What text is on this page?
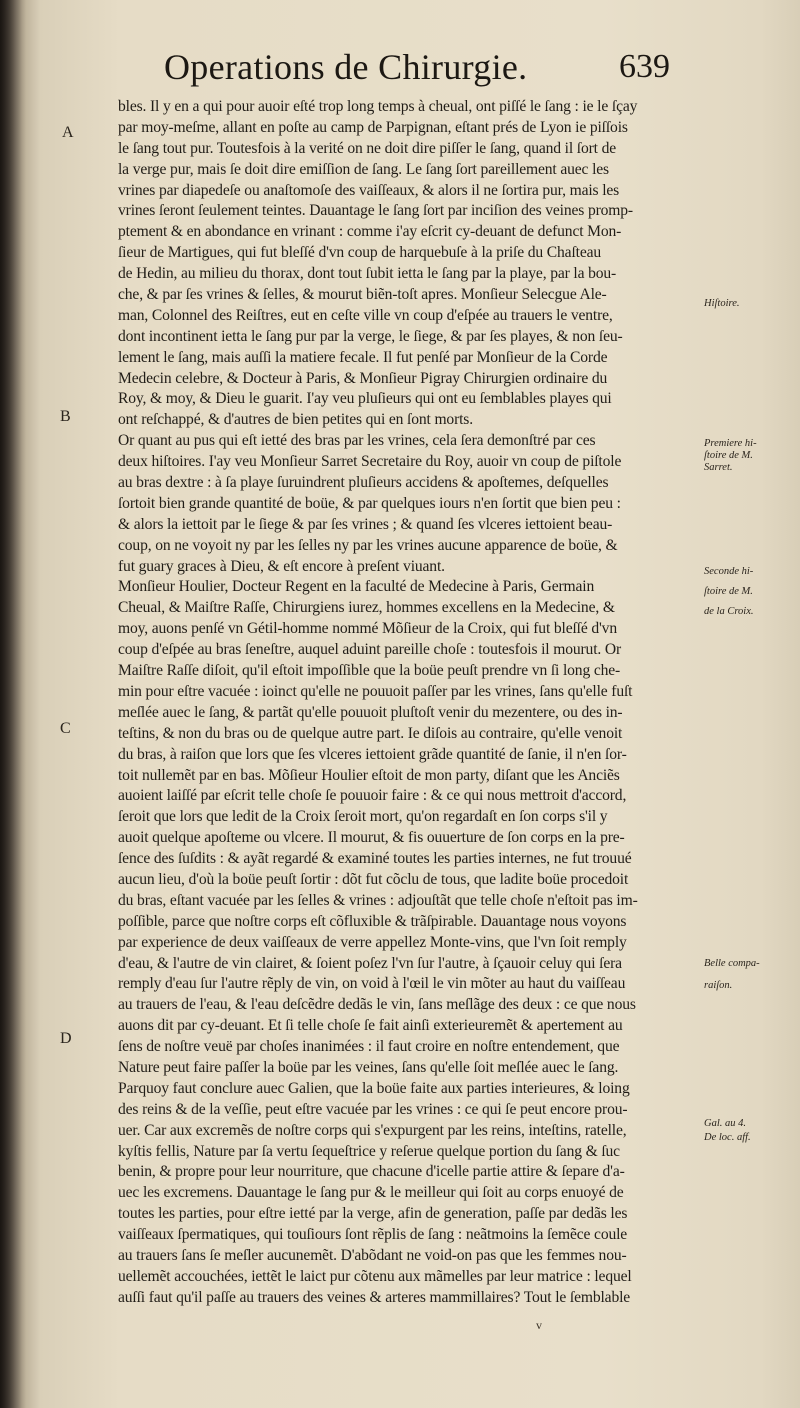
Operations de Chirurgie.	639
A
B
C
D
bles. Il y en a qui pour auoir eſté trop long temps à cheual, ont piſſé le ſang : ie le ſçay
par moy-meſme, allant en poſte au camp de Parpignan, eſtant prés de Lyon ie piſſois
le ſang tout pur. Toutesfois à la verité on ne doit dire piſſer le ſang, quand il ſort de
la verge pur, mais ſe doit dire emiſſion de ſang. Le ſang ſort pareillement auec les
vrines par diapedeſe ou anaſtomoſe des vaiſſeaux, & alors il ne ſortira pur, mais les
vrines ſeront ſeulement teintes. Dauantage le ſang ſort par inciſion des veines promp-
ptement & en abondance en vrinant : comme i'ay eſcrit cy-deuant de defunct Mon-
ſieur de Martigues, qui fut bleſſé d'vn coup de harquebuſe à la priſe du Chaſteau
de Hedin, au milieu du thorax, dont tout ſubit ietta le ſang par la playe, par la bou-
che, & par ſes vrines & ſelles, & mourut biẽn-toſt apres. Monſieur Selecgue Ale-
man, Colonnel des Reiſtres, eut en ceſte ville vn coup d'eſpée au trauers le ventre,
dont incontinent ietta le ſang pur par la verge, le ſiege, & par ſes playes, & non ſeu-
lement le ſang, mais auſſi la matiere fecale. Il fut penſé par Monſieur de la Corde
Medecin celebre, & Docteur à Paris, & Monſieur Pigray Chirurgien ordinaire du
Roy, & moy, & Dieu le guarit. I'ay veu pluſieurs qui ont eu ſemblables playes qui
ont reſchappé, & d'autres de bien petites qui en ſont morts.
Or quant au pus qui eſt ietté des bras par les vrines, cela ſera demonſtré par ces
deux hiſtoires. I'ay veu Monſieur Sarret Secretaire du Roy, auoir vn coup de piſtole
au bras dextre : à ſa playe ſuruindrent pluſieurs accidens & apoſtemes, deſquelles
ſortoit bien grande quantité de boüe, & par quelques iours n'en ſortit que bien peu :
& alors la iettoit par le ſiege & par ſes vrines ; & quand ſes vlceres iettoient beau-
coup, on ne voyoit ny par les ſelles ny par les vrines aucune apparence de boüe, &
fut guary graces à Dieu, & eſt encore à preſent viuant.
Monſieur Houlier, Docteur Regent en la faculté de Medecine à Paris, Germain
Cheual, & Maiſtre Raſſe, Chirurgiens iurez, hommes excellens en la Medecine, &
moy, auons penſé vn Gétil-homme nommé Mõſieur de la Croix, qui fut bleſſé d'vn
coup d'eſpée au bras ſeneſtre, auquel aduint pareille choſe : toutesfois il mourut. Or
Maiſtre Raſſe diſoit, qu'il eſtoit impoſſible que la boüe peuſt prendre vn ſi long che-
min pour eſtre vacuée : ioinct qu'elle ne pouuoit paſſer par les vrines, ſans qu'elle fuſt
meſlée auec le ſang, & partãt qu'elle pouuoit pluſtoſt venir du mezentere, ou des in-
teſtins, & non du bras ou de quelque autre part. Ie diſois au contraire, qu'elle venoit
du bras, à raiſon que lors que ſes vlceres iettoient grãde quantité de ſanie, il n'en ſor-
toit nullemẽt par en bas. Mõſieur Houlier eſtoit de mon party, diſant que les Anciẽs
auoient laiſſé par eſcrit telle choſe ſe pouuoir faire : & ce qui nous mettroit d'accord,
ſeroit que lors que ledit de la Croix ſeroit mort, qu'on regardaſt en ſon corps s'il y
auoit quelque apoſteme ou vlcere. Il mourut, & fis ouuerture de ſon corps en la pre-
ſence des ſuſdits : & ayãt regardé & examiné toutes les parties internes, ne fut trouué
aucun lieu, d'où la boüe peuſt ſortir : dõt fut cõclu de tous, que ladite boüe procedoit
du bras, eſtant vacuée par les ſelles & vrines : adjouſtãt que telle choſe n'eſtoit pas im-
poſſible, parce que noſtre corps eſt cõfluxible & trãſpirable. Dauantage nous voyons
par experience de deux vaiſſeaux de verre appellez Monte-vins, que l'vn ſoit remply
d'eau, & l'autre de vin clairet, & ſoient poſez l'vn ſur l'autre, à ſçauoir celuy qui ſera
remply d'eau ſur l'autre rẽply de vin, on void à l'œil le vin mõter au haut du vaiſſeau
au trauers de l'eau, & l'eau deſcẽdre dedãs le vin, ſans meſlãge des deux : ce que nous
auons dit par cy-deuant. Et ſi telle choſe ſe fait ainſi exterieuremẽt & apertement au
ſens de noſtre veuë par choſes inanimées : il faut croire en noſtre entendement, que
Nature peut faire paſſer la boüe par les veines, ſans qu'elle ſoit meſlée auec le ſang.
Parquoy faut conclure auec Galien, que la boüe faite aux parties interieures, & loing
des reins & de la veſſie, peut eſtre vacuée par les vrines : ce qui ſe peut encore prou-
uer. Car aux excremẽs de noſtre corps qui s'expurgent par les reins, inteſtins, ratelle,
kyſtis fellis, Nature par ſa vertu ſequeſtrice y reſerue quelque portion du ſang & ſuc
benin, & propre pour leur nourriture, que chacune d'icelle partie attire & ſepare d'a-
uec les excremens. Dauantage le ſang pur & le meilleur qui ſoit au corps enuoyé de
toutes les parties, pour eſtre ietté par la verge, afin de generation, paſſe par dedãs les
vaiſſeaux ſpermatiques, qui touſiours ſont rẽplis de ſang : neãtmoins la ſemẽce coule
au trauers ſans ſe meſler aucunemẽt. D'abõdant ne void-on pas que les femmes nou-
uellemẽt accouchées, iettẽt le laict pur cõtenu aux mãmelles par leur matrice : lequel
auſſi faut qu'il paſſe au trauers des veines & arteres mammillaires? Tout le ſemblable
Hiſtoire.
Premiere hi-
ſtoire de M.
Sarret.
Seconde hi-
ſtoire de M.
de la Croix.
Belle compa-
raiſon.
Gal. au 4.
De loc. aff.
v
